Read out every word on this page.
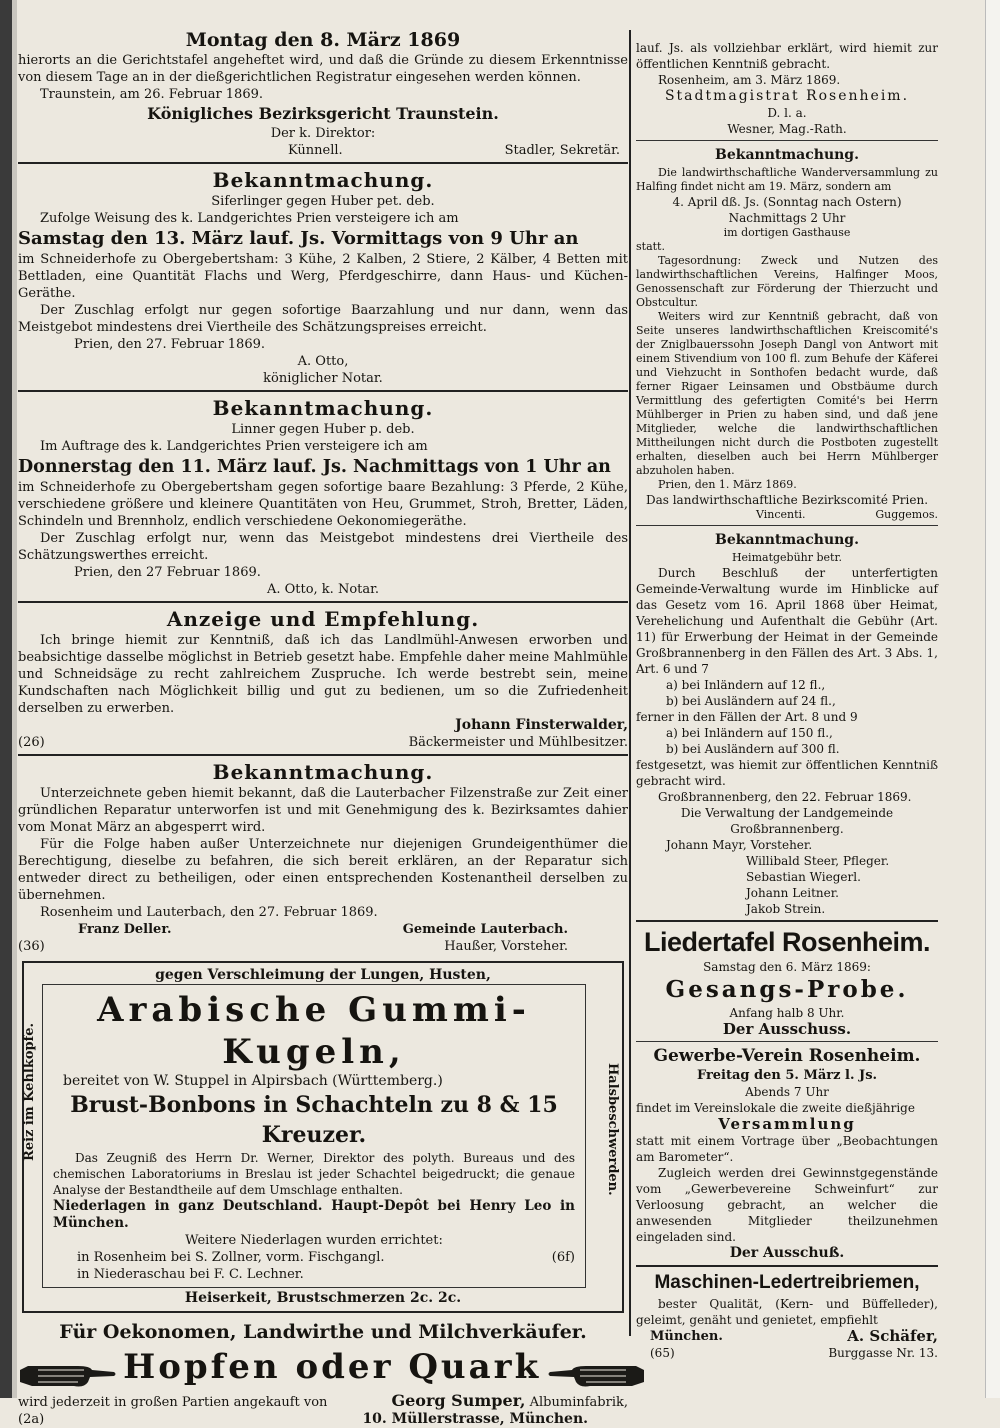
Montag den 8. März 1869

hierorts an die Gerichtstafel angeheftet wird, und daß die Gründe zu diesem Erkenntnisse von diesem Tage an in der dießgerichtlichen Registratur eingesehen werden können.

Traunstein, am 26. Februar 1869.

Königliches Bezirksgericht Traunstein.

Der k. Direktor:

Künnell.	Stadler, Sekretär.

Bekanntmachung.

Siferlinger gegen Huber pet. deb.

Zufolge Weisung des k. Landgerichtes Prien versteigere ich am

Samstag den 13. März lauf. Js. Vormittags von 9 Uhr an

im Schneiderhofe zu Obergebertsham: 3 Kühe, 2 Kalben, 2 Stiere, 2 Kälber, 4 Betten mit Bettladen, eine Quantität Flachs und Werg, Pferdgeschirre, dann Haus- und Küchen-Geräthe.

Der Zuschlag erfolgt nur gegen sofortige Baarzahlung und nur dann, wenn das Meistgebot mindestens drei Viertheile des Schätzungspreises erreicht.

Prien, den 27. Februar 1869.

A. Otto,

königlicher Notar.

Bekanntmachung.

Linner gegen Huber p. deb.

Im Auftrage des k. Landgerichtes Prien versteigere ich am

Donnerstag den 11. März lauf. Js. Nachmittags von 1 Uhr an

im Schneiderhofe zu Obergebertsham gegen sofortige baare Bezahlung: 3 Pferde, 2 Kühe, verschiedene größere und kleinere Quantitäten von Heu, Grummet, Stroh, Bretter, Läden, Schindeln und Brennholz, endlich verschiedene Oekonomiegeräthe.

Der Zuschlag erfolgt nur, wenn das Meistgebot mindestens drei Viertheile des Schätzungswerthes erreicht.

Prien, den 27 Februar 1869.

A. Otto, k. Notar.

Anzeige und Empfehlung.

Ich bringe hiemit zur Kenntniß, daß ich das Landlmühl-Anwesen erworben und beabsichtige dasselbe möglichst in Betrieb gesetzt habe. Empfehle daher meine Mahlmühle und Schneidsäge zu recht zahlreichem Zuspruche. Ich werde bestrebt sein, meine Kundschaften nach Möglichkeit billig und gut zu bedienen, um so die Zufriedenheit derselben zu erwerben.

Johann Finsterwalder,

(26)	Bäckermeister und Mühlbesitzer.

Bekanntmachung.

Unterzeichnete geben hiemit bekannt, daß die Lauterbacher Filzenstraße zur Zeit einer gründlichen Reparatur unterworfen ist und mit Genehmigung des k. Bezirksamtes dahier vom Monat März an abgesperrt wird.

Für die Folge haben außer Unterzeichnete nur diejenigen Grundeigenthümer die Berechtigung, dieselbe zu befahren, die sich bereit erklären, an der Reparatur sich entweder direct zu betheiligen, oder einen entsprechenden Kostenantheil derselben zu übernehmen.

Rosenheim und Lauterbach, den 27. Februar 1869.

Franz Deller.	Gemeinde Lauterbach.
(36)	Haußer, Vorsteher.
Reiz im Kehlkopfe.	Halsbeschwerden.

gegen Verschleimung der Lungen, Husten,

Arabische Gummi-Kugeln,

bereitet von W. Stuppel in Alpirsbach (Württemberg.)

Brust-Bonbons in Schachteln zu 8 & 15 Kreuzer.

Das Zeugniß des Herrn Dr. Werner, Direktor des polyth. Bureaus und des chemischen Laboratoriums in Breslau ist jeder Schachtel beigedruckt; die genaue Analyse der Bestandtheile auf dem Umschlage enthalten.

Niederlagen in ganz Deutschland. Haupt-Depôt bei Henry Leo in München.

Weitere Niederlagen wurden errichtet:

in Rosenheim bei S. Zollner, vorm. Fischgangl.	(6f)

in Niederaschau bei F. C. Lechner.

Heiserkeit, Brustschmerzen 2c. 2c.

Für Oekonomen, Landwirthe und Milchverkäufer.

Hopfen oder Quark
wird jederzeit in großen Partien angekauft von	Georg Sumper, Albuminfabrik,
(2a)	10. Müllerstrasse, München.

lauf. Js. als vollziehbar erklärt, wird hiemit zur öffentlichen Kenntniß gebracht.

Rosenheim, am 3. März 1869.

Stadtmagistrat Rosenheim.

D. l. a.

Wesner, Mag.-Rath.

Bekanntmachung.

Die landwirthschaftliche Wanderversammlung zu Halfing findet nicht am 19. März, sondern am

4. April dß. Js. (Sonntag nach Ostern)

Nachmittags 2 Uhr

im dortigen Gasthause

statt.

Tagesordnung: Zweck und Nutzen des landwirthschaftlichen Vereins, Halfinger Moos, Genossenschaft zur Förderung der Thierzucht und Obstcultur.

Weiters wird zur Kenntniß gebracht, daß von Seite unseres landwirthschaftlichen Kreiscomité's der Zniglbauerssohn Joseph Dangl von Antwort mit einem Stivendium von 100 fl. zum Behufe der Käferei und Viehzucht in Sonthofen bedacht wurde, daß ferner Rigaer Leinsamen und Obstbäume durch Vermittlung des gefertigten Comité's bei Herrn Mühlberger in Prien zu haben sind, und daß jene Mitglieder, welche die landwirthschaftlichen Mittheilungen nicht durch die Postboten zugestellt erhalten, dieselben auch bei Herrn Mühlberger abzuholen haben.

Prien, den 1. März 1869.

Das landwirthschaftliche Bezirkscomité Prien.

Vincenti.	Guggemos.

Bekanntmachung.

Heimatgebühr betr.

Durch Beschluß der unterfertigten Gemeinde-Verwaltung wurde im Hinblicke auf das Gesetz vom 16. April 1868 über Heimat, Verehelichung und Aufenthalt die Gebühr (Art. 11) für Erwerbung der Heimat in der Gemeinde Großbrannenberg in den Fällen des Art. 3 Abs. 1, Art. 6 und 7

a) bei Inländern auf 12 fl.,

b) bei Ausländern auf 24 fl.,

ferner in den Fällen der Art. 8 und 9

a) bei Inländern auf 150 fl.,

b) bei Ausländern auf 300 fl.

festgesetzt, was hiemit zur öffentlichen Kenntniß gebracht wird.

Großbrannenberg, den 22. Februar 1869.

Die Verwaltung der Landgemeinde Großbrannenberg.

Johann Mayr, Vorsteher.

Willibald Steer, Pfleger.

Sebastian Wiegerl.

Johann Leitner.

Jakob Strein.

Liedertafel Rosenheim.

Samstag den 6. März 1869:

Gesangs-Probe.

Anfang halb 8 Uhr.

Der Ausschuss.

Gewerbe-Verein Rosenheim.

Freitag den 5. März l. Js.

Abends 7 Uhr

findet im Vereinslokale die zweite dießjährige

Versammlung

statt mit einem Vortrage über „Beobachtungen am Barometer“.

Zugleich werden drei Gewinnstgegenstände vom „Gewerbevereine Schweinfurt“ zur Verloosung gebracht, an welcher die anwesenden Mitglieder theilzunehmen eingeladen sind.

Der Ausschuß.

Maschinen-Ledertreibriemen,

bester Qualität, (Kern- und Büffelleder), geleimt, genäht und genietet, empfiehlt

München.	A. Schäfer,
(65)	Burggasse Nr. 13.
